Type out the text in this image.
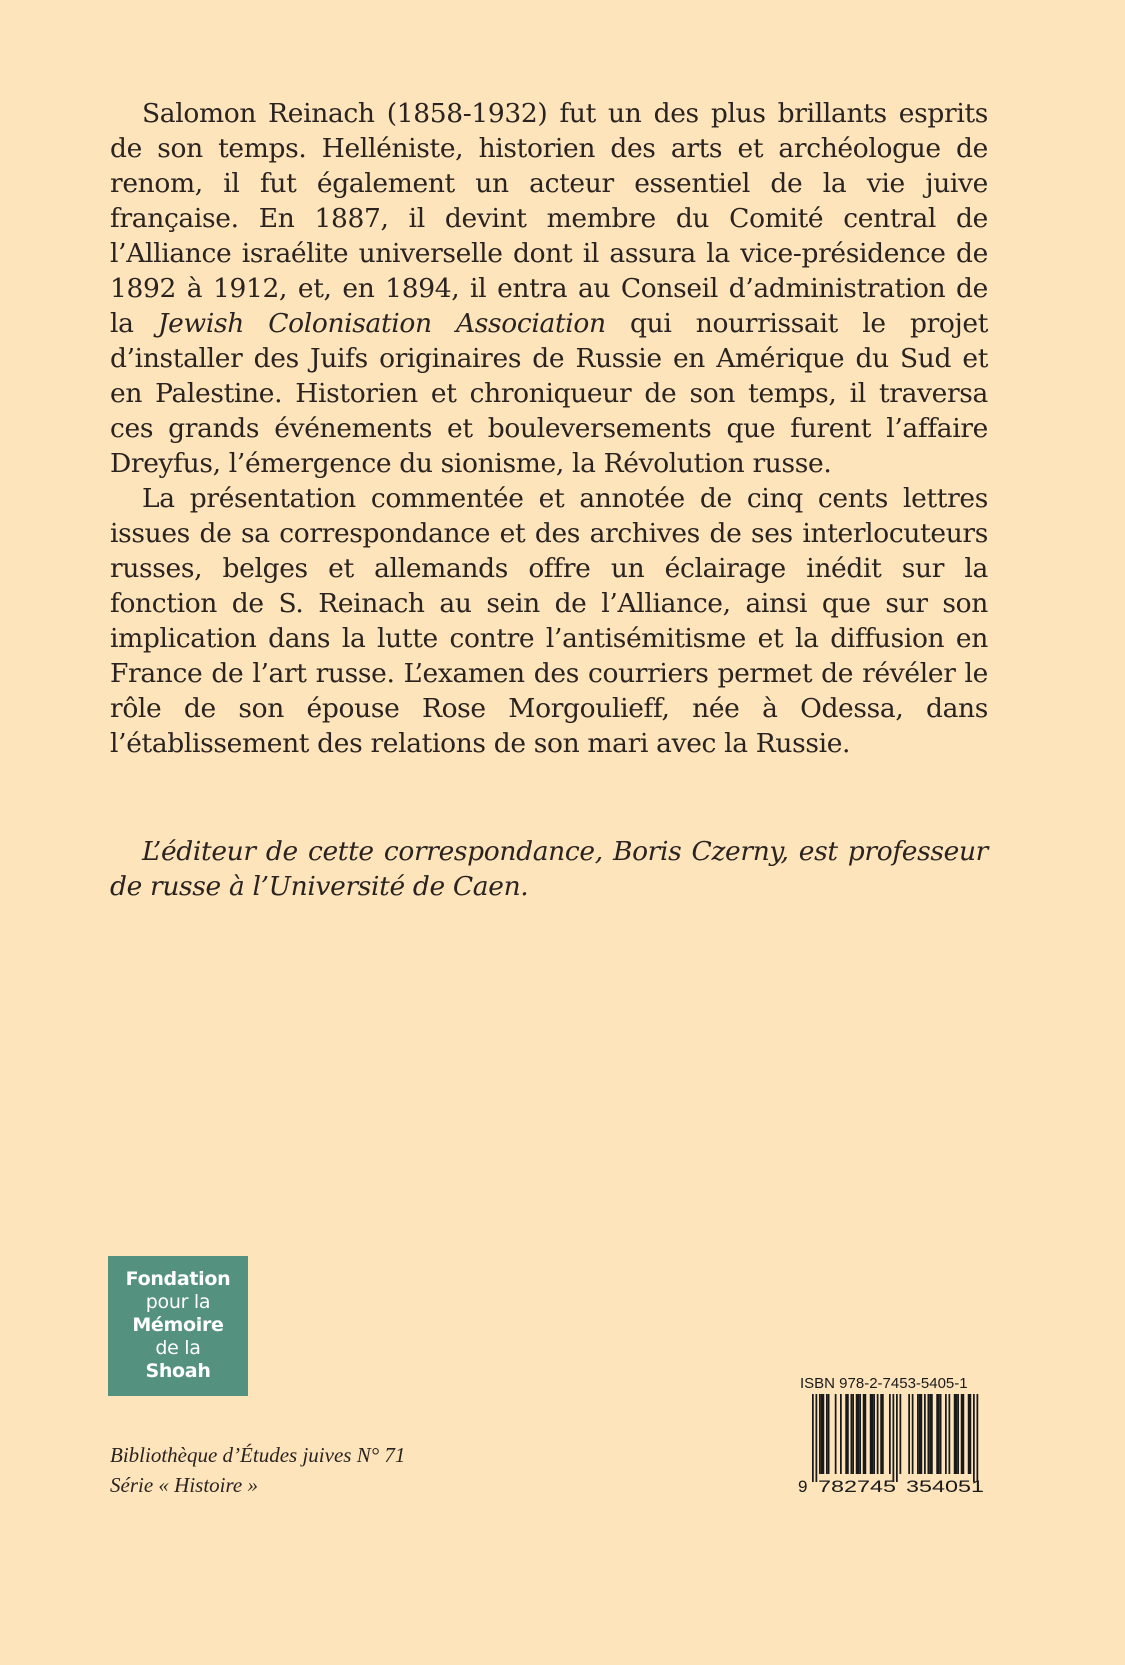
Salomon Reinach (1858-1932) fut un des plus brillants esprits de son temps. Helléniste, historien des arts et archéologue de renom, il fut également un acteur essentiel de la vie juive française. En 1887, il devint membre du Comité central de l’Alliance israélite universelle dont il assura la vice-présidence de 1892 à 1912, et, en 1894, il entra au Conseil d’administration de la Jewish Colonisation Association qui nourrissait le projet d’installer des Juifs originaires de Russie en Amérique du Sud et en Palestine. Historien et chroniqueur de son temps, il traversa ces grands événements et bouleversements que furent l’affaire Dreyfus, l’émergence du sionisme, la Révolution russe.

La présentation commentée et annotée de cinq cents lettres issues de sa correspondance et des archives de ses interlocuteurs russes, belges et allemands offre un éclairage inédit sur la fonction de S. Reinach au sein de l’Alliance, ainsi que sur son implication dans la lutte contre l’antisémitisme et la diffusion en France de l’art russe. L’examen des courriers permet de révéler le rôle de son épouse Rose Morgoulieff, née à Odessa, dans l’établissement des relations de son mari avec la Russie.

L’éditeur de cette correspondance, Boris Czerny, est professeur de russe à l’Université de Caen.

Fondation
pour la
Mémoire
de la
Shoah
Bibliothèque d’Études juives N° 71
Série « Histoire »
ISBN 978-2-7453-5405-1
9 782745 354051
